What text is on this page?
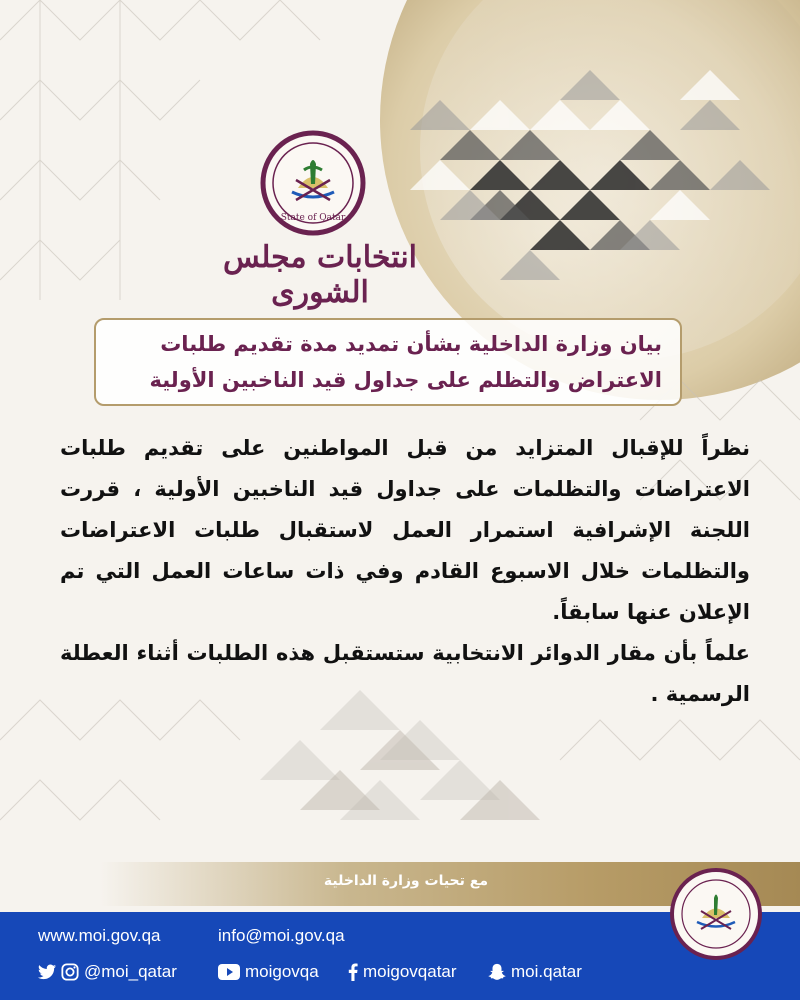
State of Qatar
انتخابات مجلس الشورى
بيان وزارة الداخلية بشأن تمديد مدة تقديم طلبات
الاعتراض والتظلم على جداول قيد الناخبين الأولية

نظراً للإقبال المتزايد من قبل المواطنين على تقديم طلبات الاعتراضات والتظلمات على جداول قيد الناخبين الأولية ، قررت اللجنة الإشرافية استمرار العمل لاستقبال طلبات الاعتراضات والتظلمات خلال الاسبوع القادم وفي ذات ساعات العمل التي تم الإعلان عنها سابقاً.

علماً بأن مقار الدوائر الانتخابية ستستقبل هذه الطلبات أثناء العطلة الرسمية .

مع تحيات وزارة الداخلية
www.moi.gov.qa	info@moi.gov.qa
@moi_qatar	moigovqa	moigovqatar	moi.qatar
